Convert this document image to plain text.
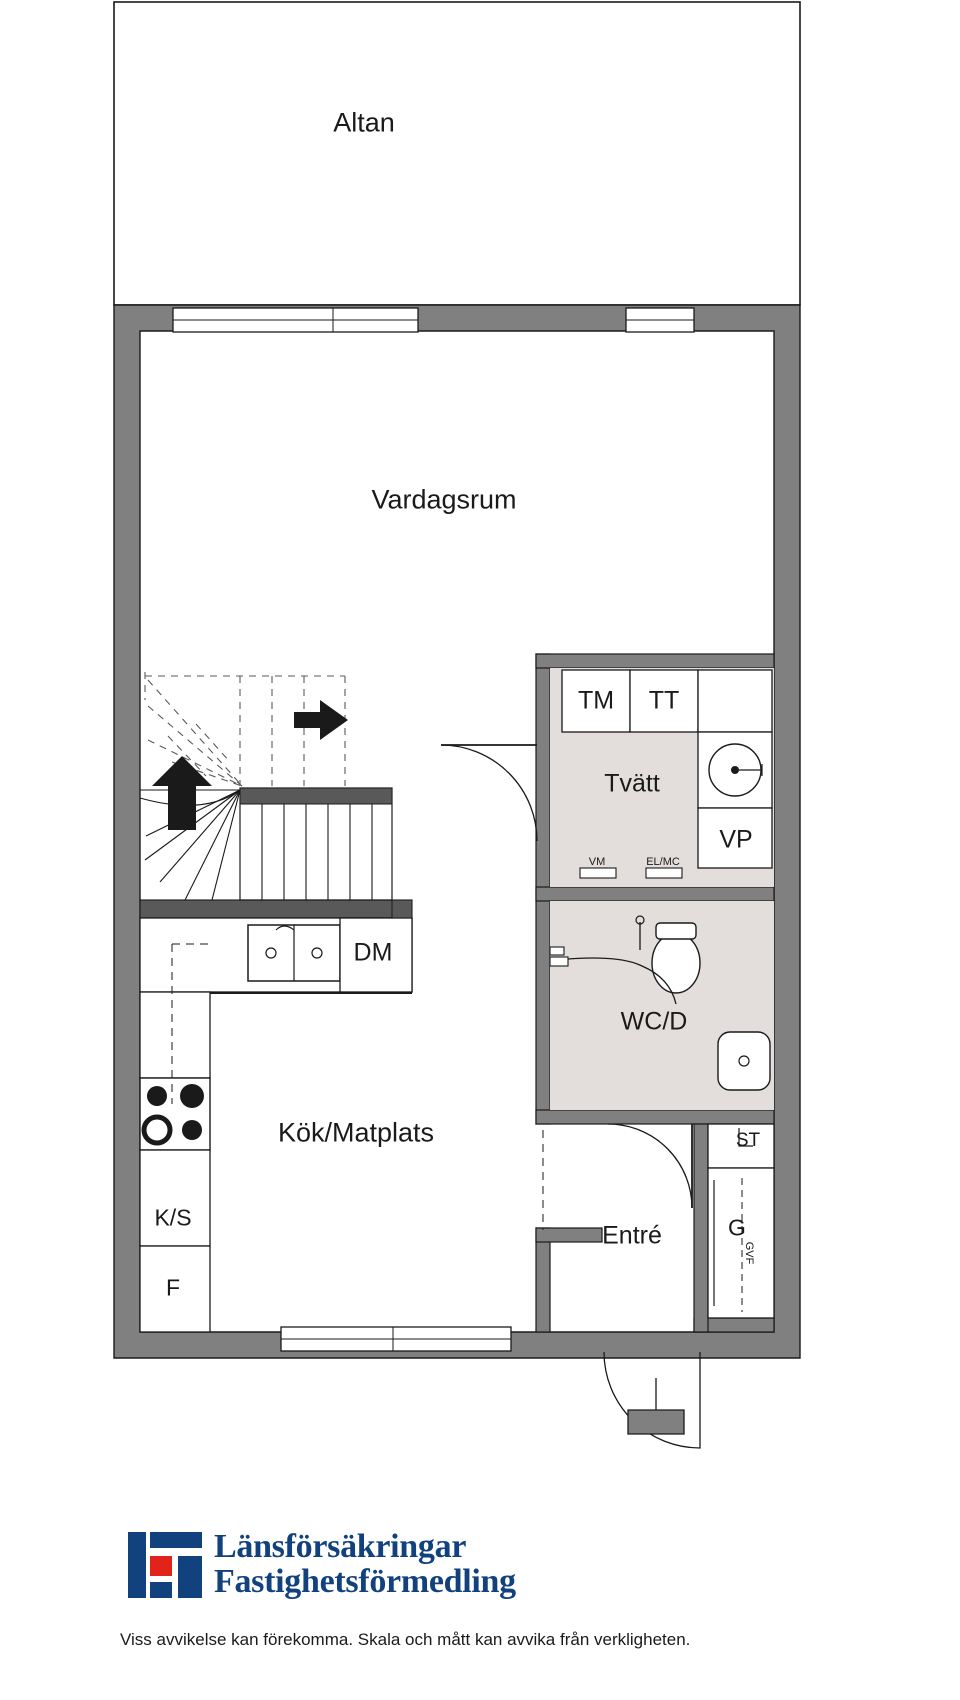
Altan
Vardagsrum
Tvätt
WC/D
Kök/Matplats
Entré
TM TT
VP
VM	EL/MC
DM
K/S
F
ST
G
GVF
Länsförsäkringar
Fastighetsförmedling
Viss avvikelse kan förekomma. Skala och mått kan avvika från verkligheten.
